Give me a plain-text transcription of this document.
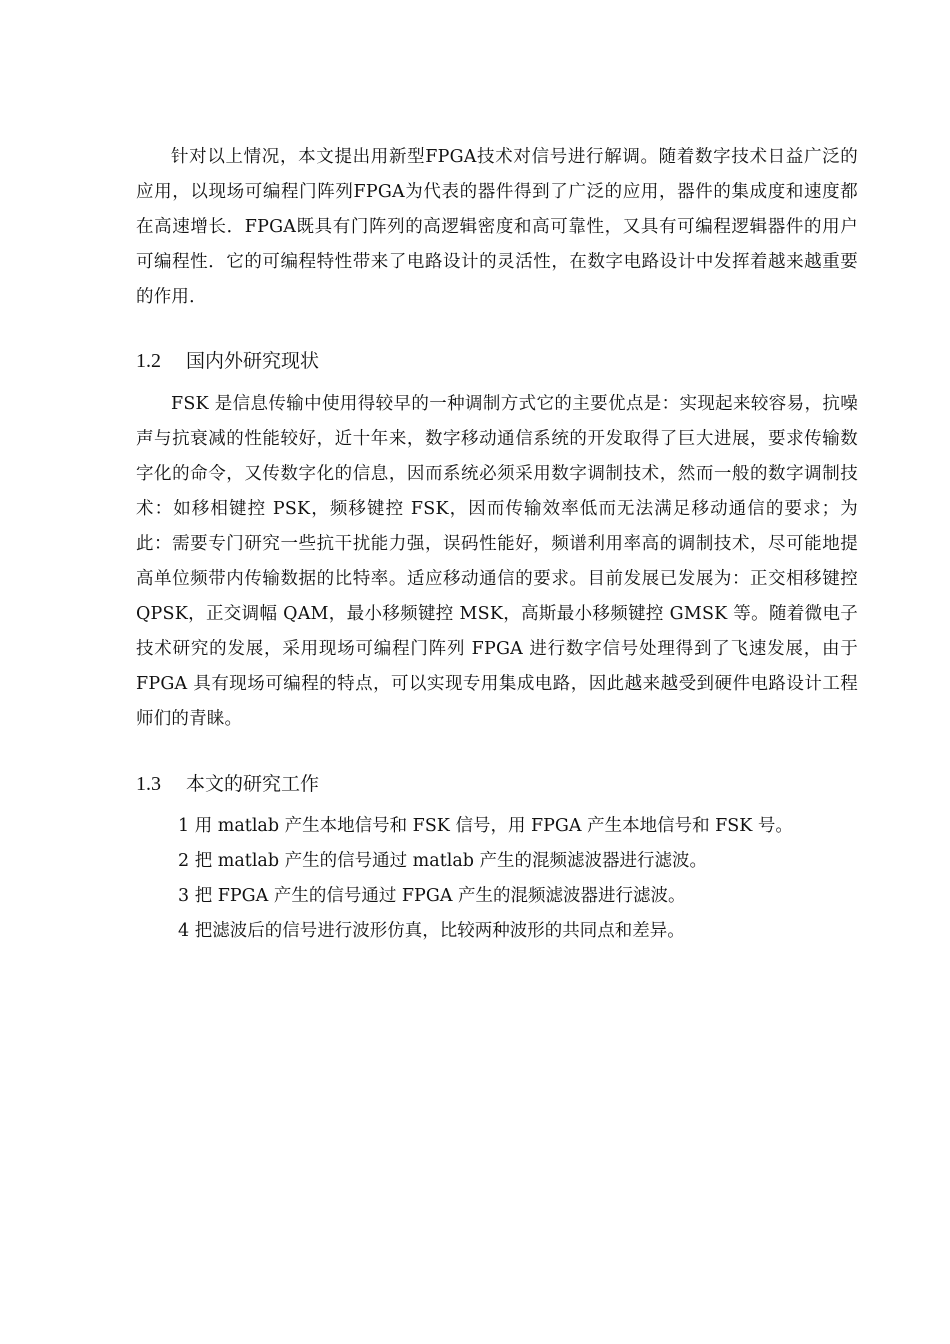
针对以上情况，本文提出用新型FPGA技术对信号进行解调。随着数字技术日益广泛的应用，以现场可编程门阵列FPGA为代表的器件得到了广泛的应用，器件的集成度和速度都在高速增长．FPGA既具有门阵列的高逻辑密度和高可靠性，又具有可编程逻辑器件的用户可编程性．它的可编程特性带来了电路设计的灵活性，在数字电路设计中发挥着越来越重要的作用．

1.2 国内外研究现状

FSK 是信息传输中使用得较早的一种调制方式它的主要优点是：实现起来较容易，抗噪声与抗衰减的性能较好，近十年来，数字移动通信系统的开发取得了巨大进展，要求传输数字化的命令，又传数字化的信息，因而系统必须采用数字调制技术，然而一般的数字调制技术：如移相键控 PSK，频移键控 FSK，因而传输效率低而无法满足移动通信的要求；为此：需要专门研究一些抗干扰能力强，误码性能好，频谱利用率高的调制技术，尽可能地提高单位频带内传输数据的比特率。适应移动通信的要求。目前发展已发展为：正交相移键控 QPSK，正交调幅 QAM，最小移频键控 MSK，高斯最小移频键控 GMSK 等。随着微电子技术研究的发展，采用现场可编程门阵列 FPGA 进行数字信号处理得到了飞速发展，由于 FPGA 具有现场可编程的特点，可以实现专用集成电路，因此越来越受到硬件电路设计工程师们的青睐。

1.3 本文的研究工作
1 用 matlab 产生本地信号和 FSK 信号，用 FPGA 产生本地信号和 FSK 号。
2 把 matlab 产生的信号通过 matlab 产生的混频滤波器进行滤波。
3 把 FPGA 产生的信号通过 FPGA 产生的混频滤波器进行滤波。
4 把滤波后的信号进行波形仿真，比较两种波形的共同点和差异。
